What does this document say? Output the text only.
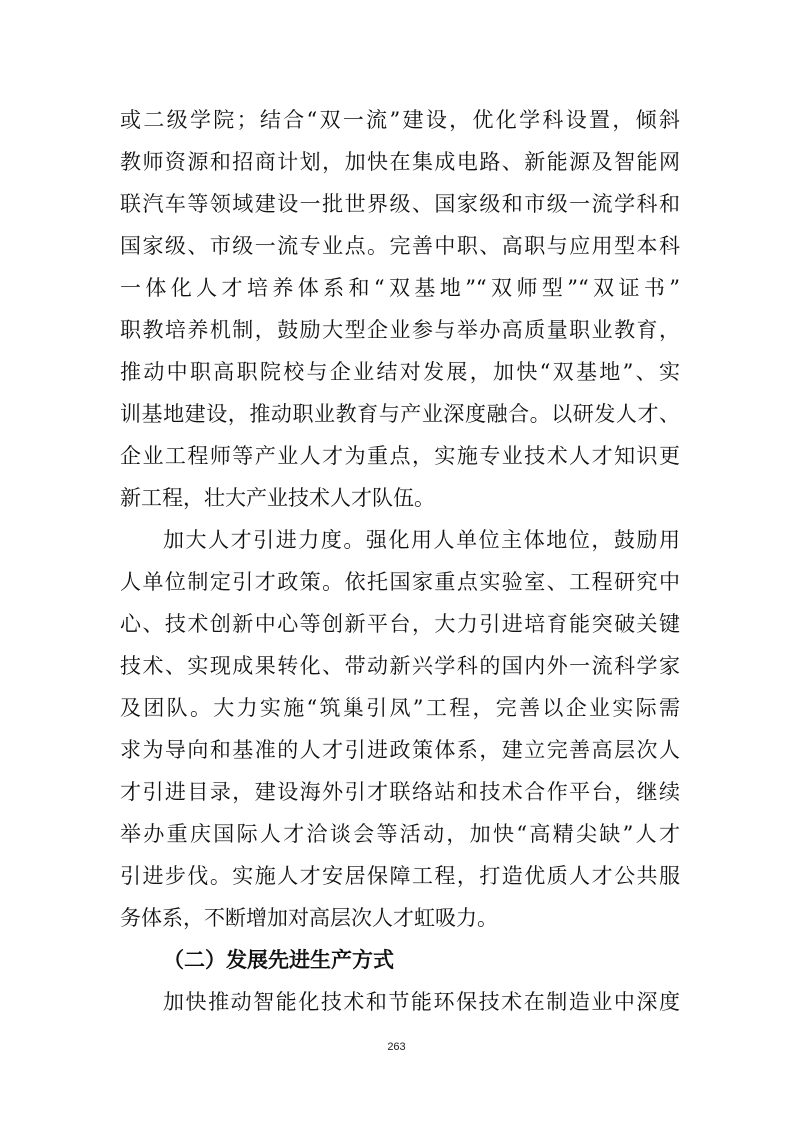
或二级学院；结合“双一流”建设，优化学科设置，倾斜
教师资源和招商计划，加快在集成电路、新能源及智能网
联汽车等领域建设一批世界级、国家级和市级一流学科和
国家级、市级一流专业点。完善中职、高职与应用型本科
一体化人才培养体系和“双基地”“双师型”“双证书”
职教培养机制，鼓励大型企业参与举办高质量职业教育，
推动中职高职院校与企业结对发展，加快“双基地”、实
训基地建设，推动职业教育与产业深度融合。以研发人才、
企业工程师等产业人才为重点，实施专业技术人才知识更
新工程，壮大产业技术人才队伍。
加大人才引进力度。强化用人单位主体地位，鼓励用
人单位制定引才政策。依托国家重点实验室、工程研究中
心、技术创新中心等创新平台，大力引进培育能突破关键
技术、实现成果转化、带动新兴学科的国内外一流科学家
及团队。大力实施“筑巢引凤”工程，完善以企业实际需
求为导向和基准的人才引进政策体系，建立完善高层次人
才引进目录，建设海外引才联络站和技术合作平台，继续
举办重庆国际人才洽谈会等活动，加快“高精尖缺”人才
引进步伐。实施人才安居保障工程，打造优质人才公共服
务体系，不断增加对高层次人才虹吸力。
（二）发展先进生产方式
加快推动智能化技术和节能环保技术在制造业中深度
263
